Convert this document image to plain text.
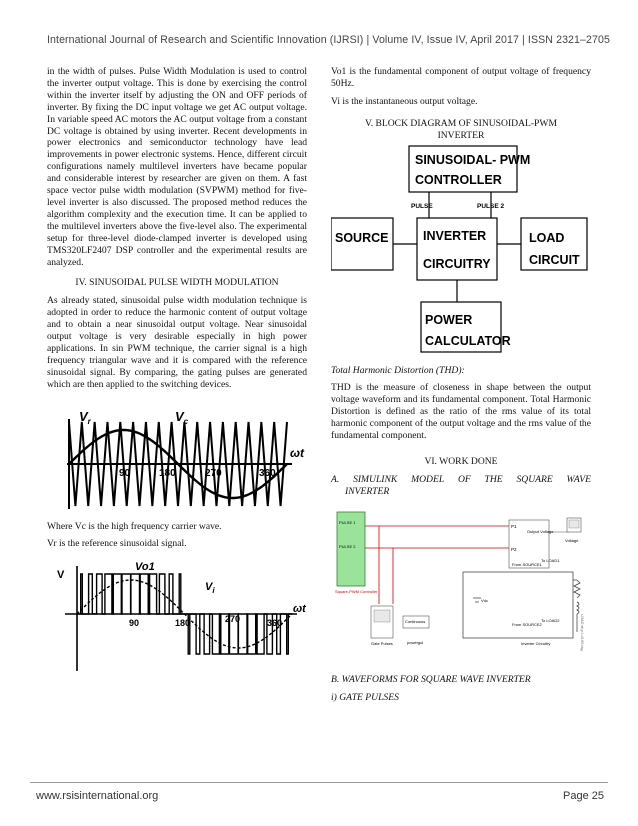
International Journal of Research and Scientific Innovation (IJRSI) | Volume IV, Issue IV, April 2017 | ISSN 2321–2705

in the width of pulses. Pulse Width Modulation is used to control the inverter output voltage. This is done by exercising the control within the inverter itself by adjusting the ON and OFF periods of inverter. By fixing the DC input voltage we get AC output voltage. In variable speed AC motors the AC output voltage from a constant DC voltage is obtained by using inverter. Recent developments in power electronics and semiconductor technology have lead improvements in power electronic systems. Hence, different circuit configurations namely multilevel inverters have became popular and considerable interest by researcher are given on them. A fast space vector pulse width modulation (SVPWM) method for five-level inverter is also discussed. The proposed method reduces the algorithm complexity and the execution time. It can be applied to the multilevel inverters above the five-level also. The experimental setup for three-level diode-clamped inverter is developed using TMS320LF2407 DSP controller and the experimental results are analyzed.

IV. SINUSOIDAL PULSE WIDTH MODULATION

As already stated, sinusoidal pulse width modulation technique is adopted in order to reduce the harmonic content of output voltage and to obtain a near sinusoidal output voltage. Near sinusoidal output voltage is very desirable especially in high power applications. In sin PWM technique, the carrier signal is a high frequency triangular wave and it is compared with the reference sinusoidal signal. By comparing, the gating pulses are generated which are then applied to the switching devices.

$V_r$	$V_c$
ωt
90	180	270	360

Where Vc is the high frequency carrier wave.

Vr is the reference sinusoidal signal.

V
Vo1
$V_i$
ωt
90	180	270	360

Vo1 is the fundamental component of output voltage of frequency 50Hz.

Vi is the instantaneous output voltage.

V. BLOCK DIAGRAM OF SINUSOIDAL-PWM

INVERTER

SINUSOIDAL- PWM
CONTROLLER
PULSE	PULSE 2
SOURCE	INVERTER
CIRCUITRY
LOAD
CIRCUIT
POWER
CALCULATOR

Total Harmonic Distortion (THD):

THD is the measure of closeness in shape between the output voltage waveform and its fundamental component. Total Harmonic Distortion is defined as the ratio of the rms value of its total harmonic component of the output voltage and the rms value of the fundamental component.

VI. WORK DONE

A. SIMULINK MODEL OF THE SQUARE WAVE

INVERTER

PULSE 1
PULSE 2
Square-PWM Controller
P1
P2
Output Voltage
Voltage
To LOAD1
To LOAD2
From SOURCE1
From SOURCE2
Vdc
LOAD at p.f.=0.85 lag
Inverter Circuitry
Gate Pulses
Continuous
powergui

B. WAVEFORMS FOR SQUARE WAVE INVERTER

i) GATE PULSES

www.rsisinternational.org	Page 25
